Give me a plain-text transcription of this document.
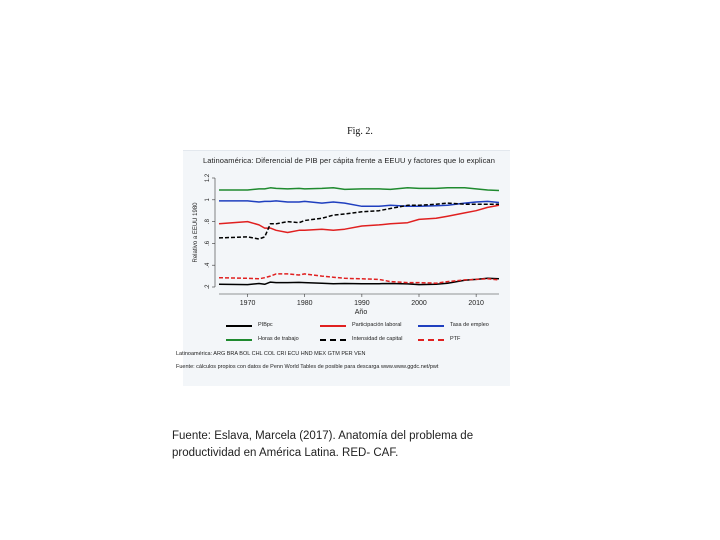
Fig. 2.
Latinoamérica: Diferencial de PIB per cápita frente a EEUU y factores que lo explican
.2
.4
.6
.8
1
1.2
Relativo a EEUU 1980
1970	1980	1990	2000	2010
Año
PIBpc	Participación laboral	Tasa de empleo
Horas de trabajo	Intensidad de capital	PTF
Latinoamérica: ARG BRA BOL CHL COL CRI ECU HND MEX GTM PER VEN
Fuente: cálculos propios con datos de Penn World Tables de posible para descarga www.www.ggdc.net/pwt
Fuente: Eslava, Marcela (2017). Anatomía del problema de productividad en América Latina. RED- CAF.
